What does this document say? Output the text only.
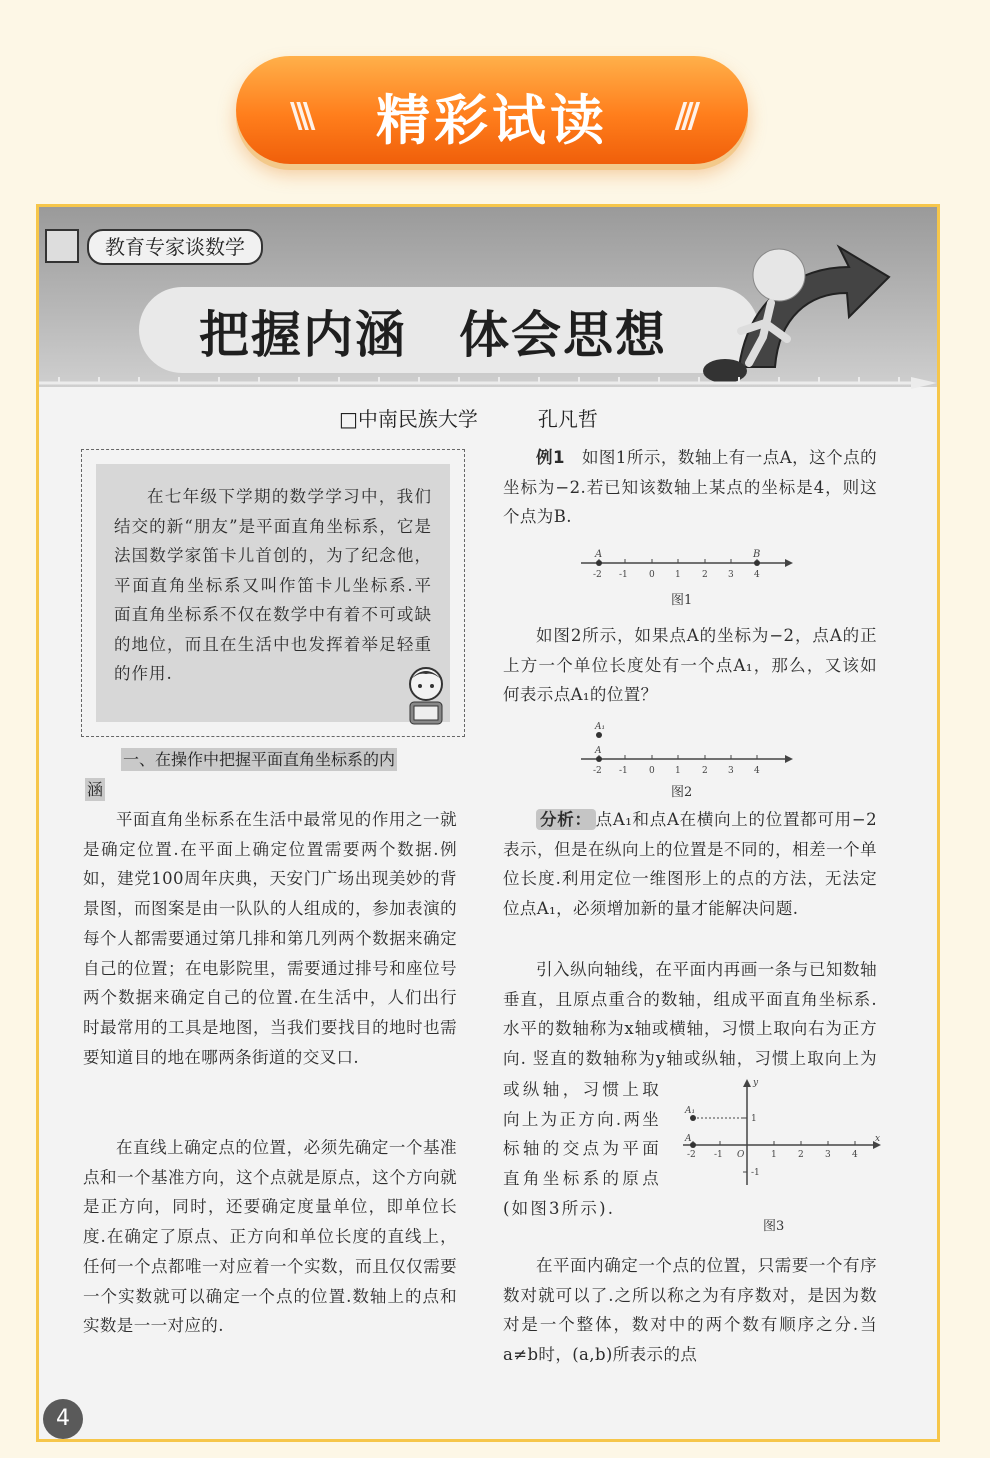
\\\	精彩试读	///
教育专家谈数学
把握内涵　体会思想
□中南民族大学　　　孔凡哲
在七年级下学期的数学学习中，我们结交的新“朋友”是平面直角坐标系，它是法国数学家笛卡儿首创的，为了纪念他，平面直角坐标系又叫作笛卡儿坐标系.平面直角坐标系不仅在数学中有着不可或缺的地位，而且在生活中也发挥着举足轻重的作用.
一、在操作中把握平面直角坐标系的内
涵
平面直角坐标系在生活中最常见的作用之一就是确定位置.在平面上确定位置需要两个数据.例如，建党100周年庆典，天安门广场出现美妙的背景图，而图案是由一队队的人组成的，参加表演的每个人都需要通过第几排和第几列两个数据来确定自己的位置；在电影院里，需要通过排号和座位号两个数据来确定自己的位置.在生活中，人们出行时最常用的工具是地图，当我们要找目的地时也需要知道目的地在哪两条街道的交叉口.
在直线上确定点的位置，必须先确定一个基准点和一个基准方向，这个点就是原点，这个方向就是正方向，同时，还要确定度量单位，即单位长度.在确定了原点、正方向和单位长度的直线上，任何一个点都唯一对应着一个实数，而且仅仅需要一个实数就可以确定一个点的位置.数轴上的点和实数是一一对应的.
例1　如图1所示，数轴上有一点A，这个点的坐标为−2.若已知该数轴上某点的坐标是4，则这个点为B.
A	B
-2 -1 0 1 2 3 4
图1
如图2所示，如果点A的坐标为−2，点A的正上方一个单位长度处有一个点A₁，那么，又该如何表示点A₁的位置？
A₁
A
-2 -1 0 1 2 3 4
图2
分析： 点A₁和点A在横向上的位置都可用−2表示，但是在纵向上的位置是不同的，相差一个单位长度.利用定位一维图形上的点的方法，无法定位点A₁，必须增加新的量才能解决问题.
引入纵向轴线，在平面内再画一条与已知数轴垂直，且原点重合的数轴，组成平面直角坐标系.水平的数轴称为x轴或横轴，习惯上取向右为正方向. 竖直的数轴称为y轴或纵轴，习惯上取向上为
或纵轴，习惯上取向上为正方向.两坐标轴的交点为平面直角坐标系的原点(如图3所示).
A₁
A
y
x
O
-2 -1	1 2 3 4
1
-1
图3
在平面内确定一个点的位置，只需要一个有序数对就可以了.之所以称之为有序数对，是因为数对是一个整体，数对中的两个数有顺序之分.当a≠b时，(a,b)所表示的点
4
